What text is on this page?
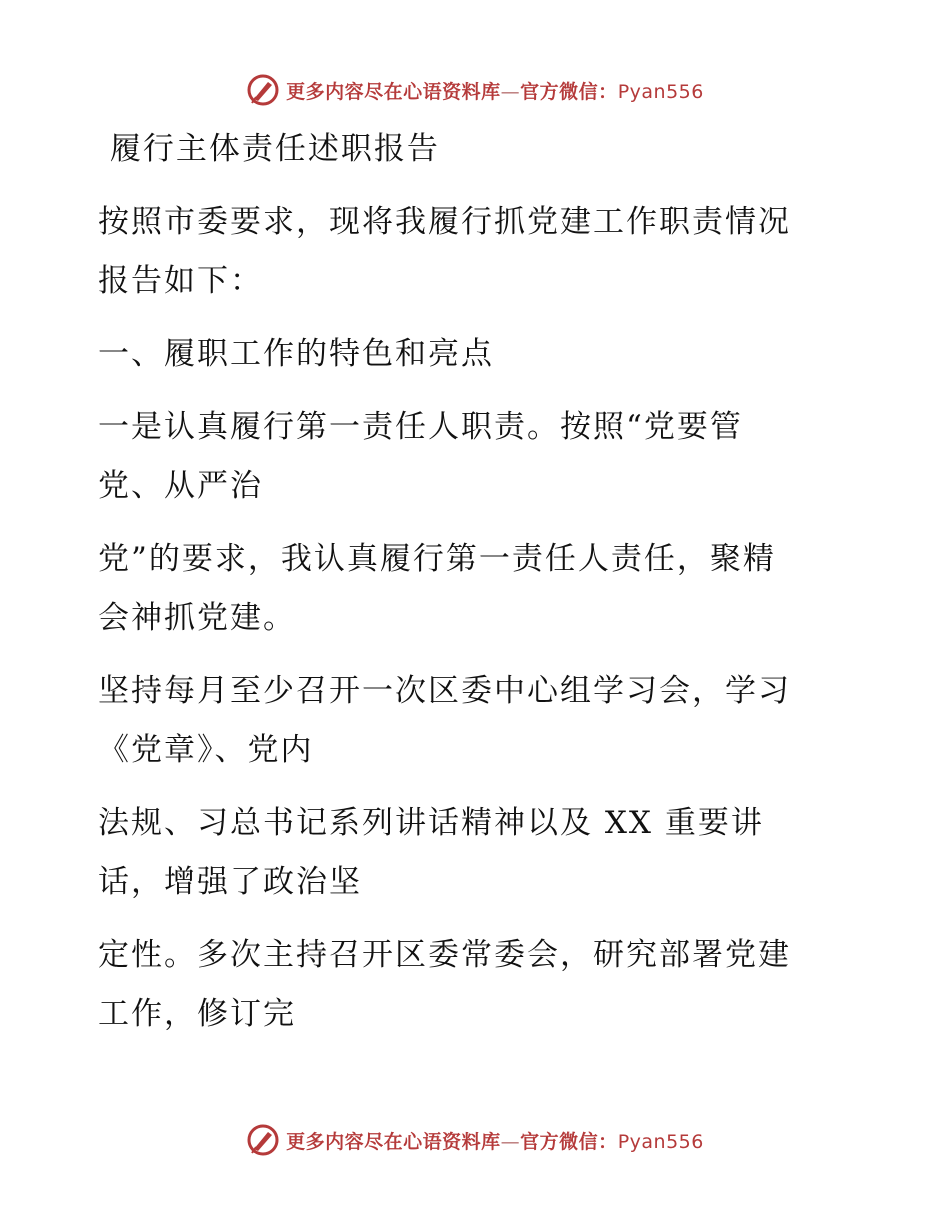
更多内容尽在心语资料库—官方微信：Pyan556

履行主体责任述职报告

按照市委要求，现将我履行抓党建工作职责情况
报告如下：

一、履职工作的特色和亮点

一是认真履行第一责任人职责。按照“党要管
党、从严治

党”的要求，我认真履行第一责任人责任，聚精
会神抓党建。

坚持每月至少召开一次区委中心组学习会，学习
《党章》、党内

法规、习总书记系列讲话精神以及 XX 重要讲
话，增强了政治坚

定性。多次主持召开区委常委会，研究部署党建
工作，修订完

更多内容尽在心语资料库—官方微信：Pyan556
